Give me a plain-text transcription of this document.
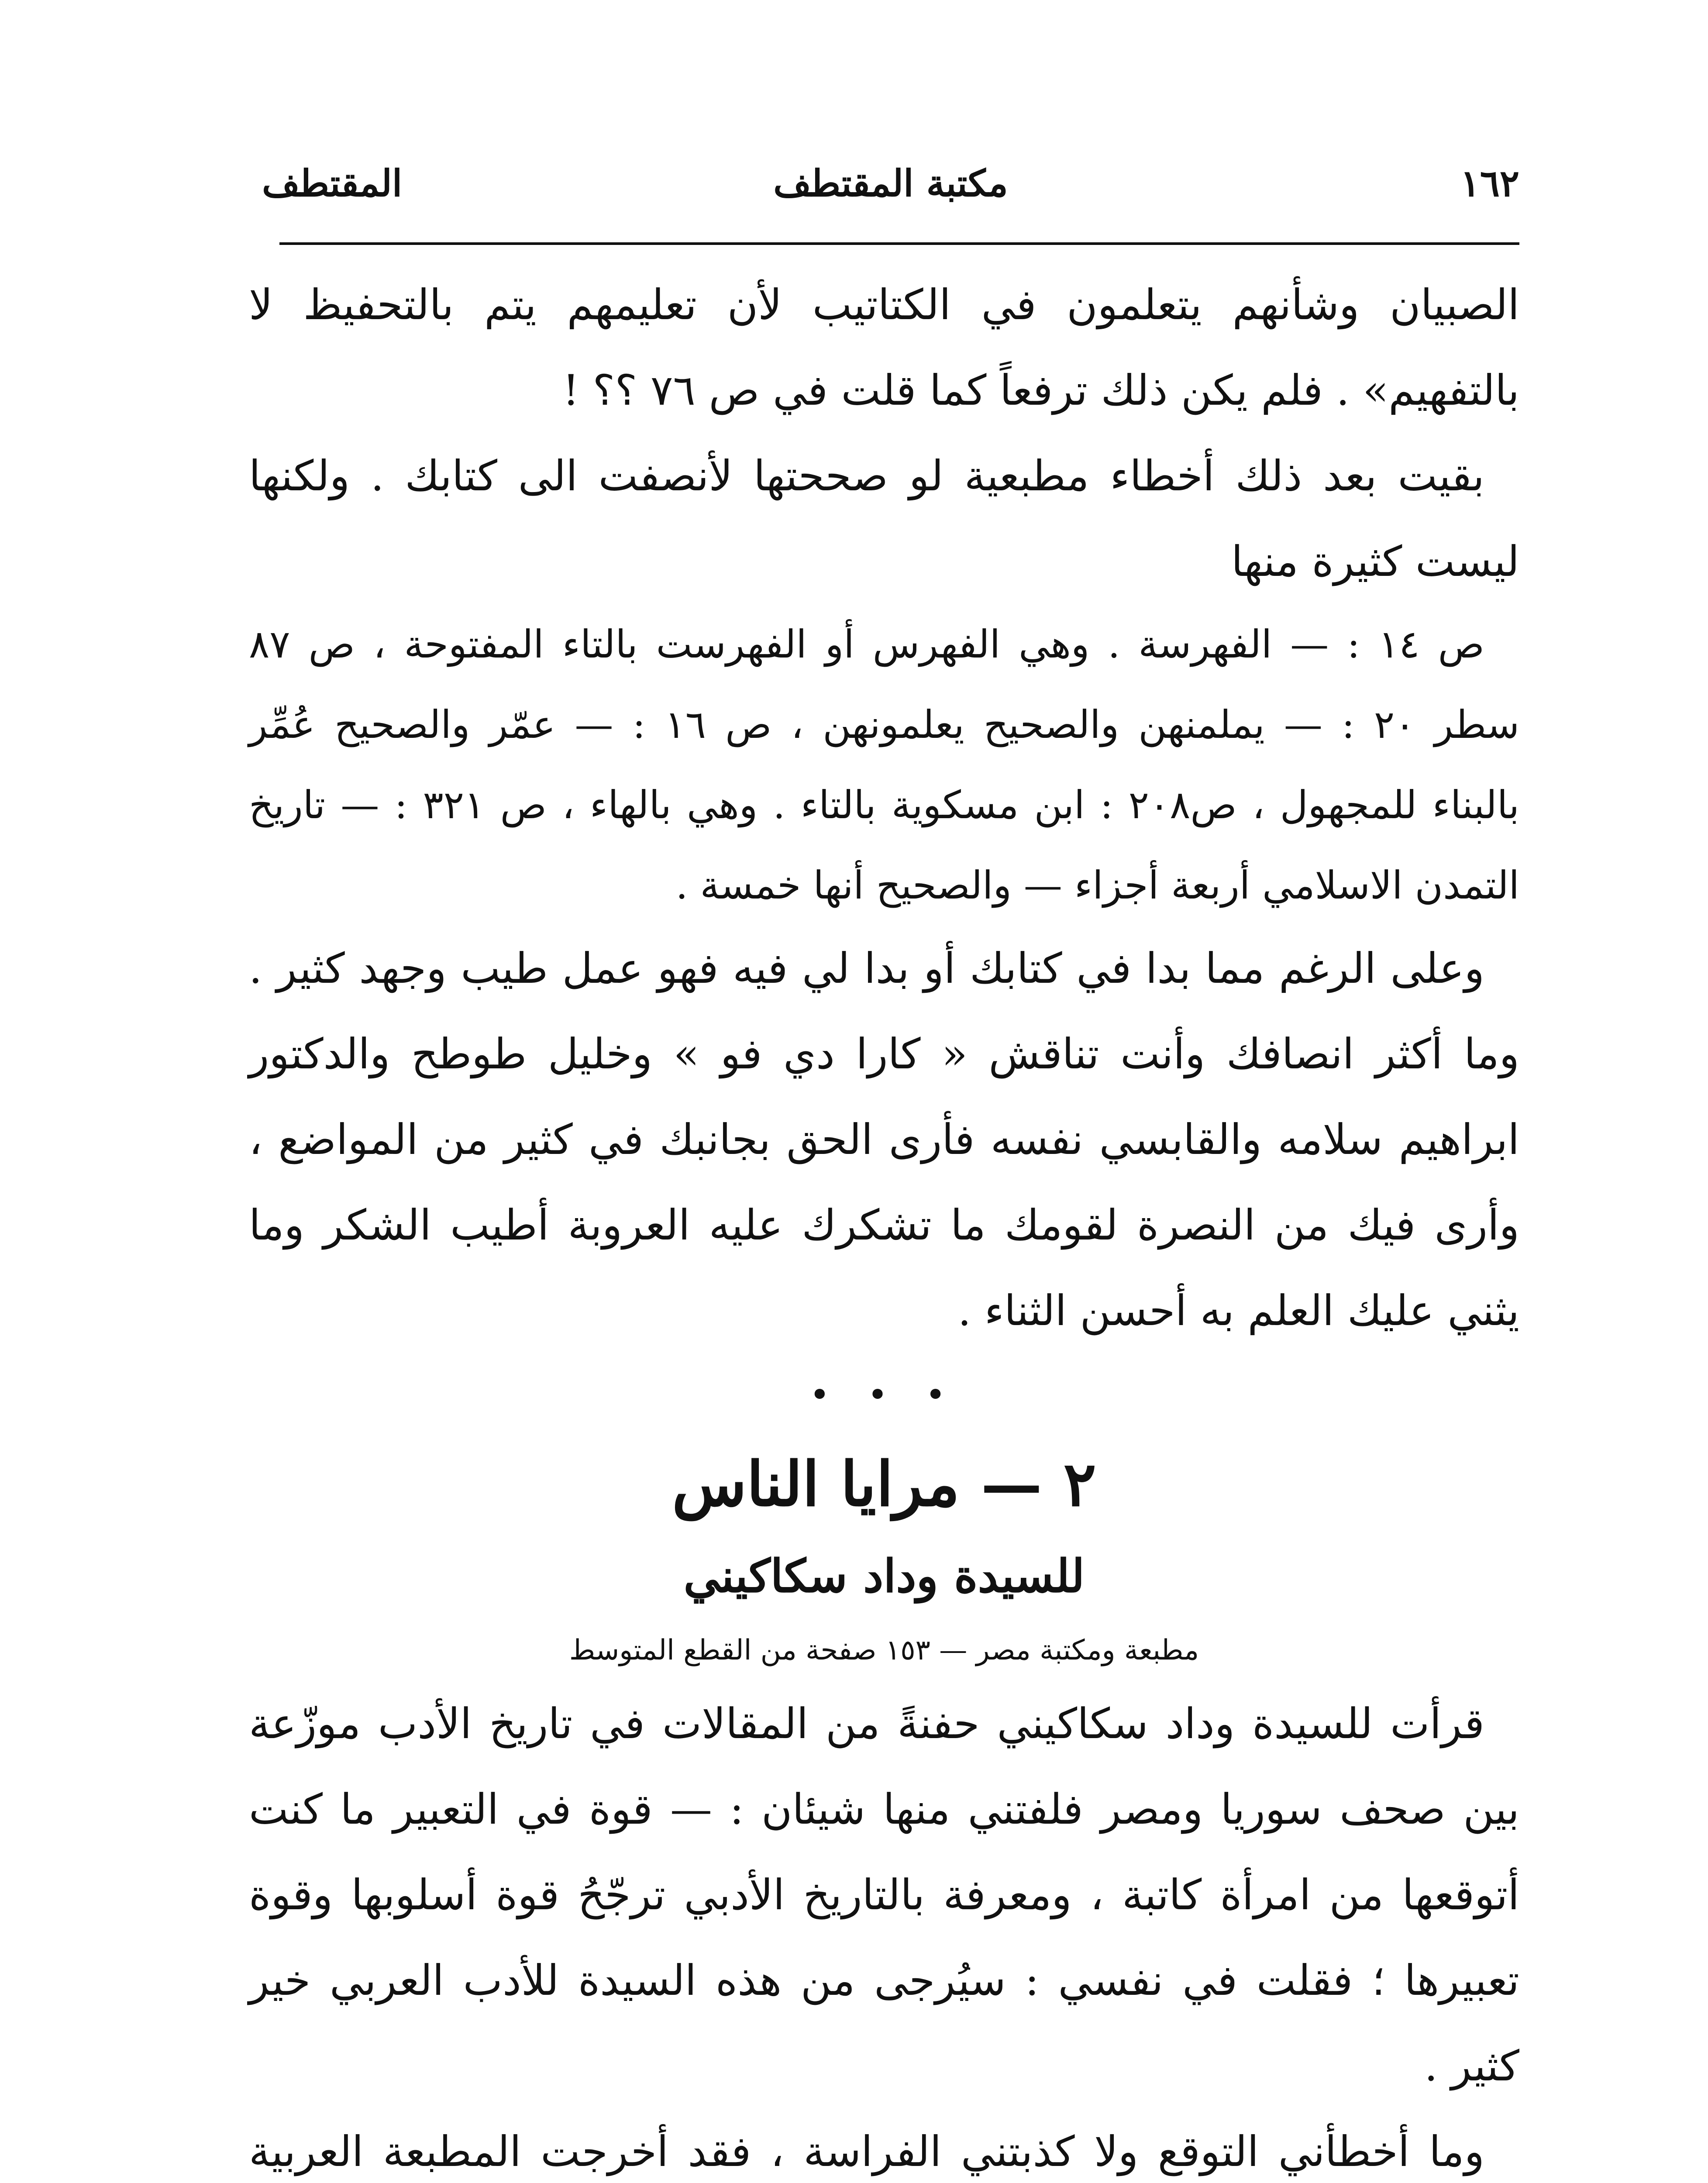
١٦٢
مكتبة المقتطف
المقتطف

الصبيان وشأنهم يتعلمون في الكتاتيب لأن تعليمهم يتم بالتحفيظ لا بالتفهيم» . فلم يكن ذلك ترفعاً كما قلت في ص ٧٦ ؟؟ !

بقيت بعد ذلك أخطاء مطبعية لو صححتها لأنصفت الى كتابك . ولكنها ليست كثيرة منها

ص ١٤ : — الفهرسة . وهي الفهرس أو الفهرست بالتاء المفتوحة ، ص ٨٧ سطر ٢٠ : — يملمنهن والصحيح يعلمونهن ، ص ١٦ : — عمّر والصحيح عُمِّر بالبناء للمجهول ، ص٢٠٨ : ابن مسكوية بالتاء . وهي بالهاء ، ص ٣٢١ : — تاريخ التمدن الاسلامي أربعة أجزاء — والصحيح أنها خمسة .

وعلى الرغم مما بدا في كتابك أو بدا لي فيه فهو عمل طيب وجهد كثير . وما أكثر انصافك وأنت تناقش « كارا دي فو » وخليل طوطح والدكتور ابراهيم سلامه والقابسي نفسه فأرى الحق بجانبك في كثير من المواضع ، وأرى فيك من النصرة لقومك ما تشكرك عليه العروبة أطيب الشكر وما يثني عليك العلم به أحسن الثناء .

• • •
٢ — مرايا الناس

للسيدة وداد سكاكيني

مطبعة ومكتبة مصر — ١٥٣ صفحة من القطع المتوسط

قرأت للسيدة وداد سكاكيني حفنةً من المقالات في تاريخ الأدب موزّعة بين صحف سوريا ومصر فلفتني منها شيئان : — قوة في التعبير ما كنت أتوقعها من امرأة كاتبة ، ومعرفة بالتاريخ الأدبي ترجّحُ قوة أسلوبها وقوة تعبيرها ؛ فقلت في نفسي : سيُرجى من هذه السيدة للأدب العربي خير كثير .

وما أخطأني التوقع ولا كذبتني الفراسة ، فقد أخرجت المطبعة العربية
